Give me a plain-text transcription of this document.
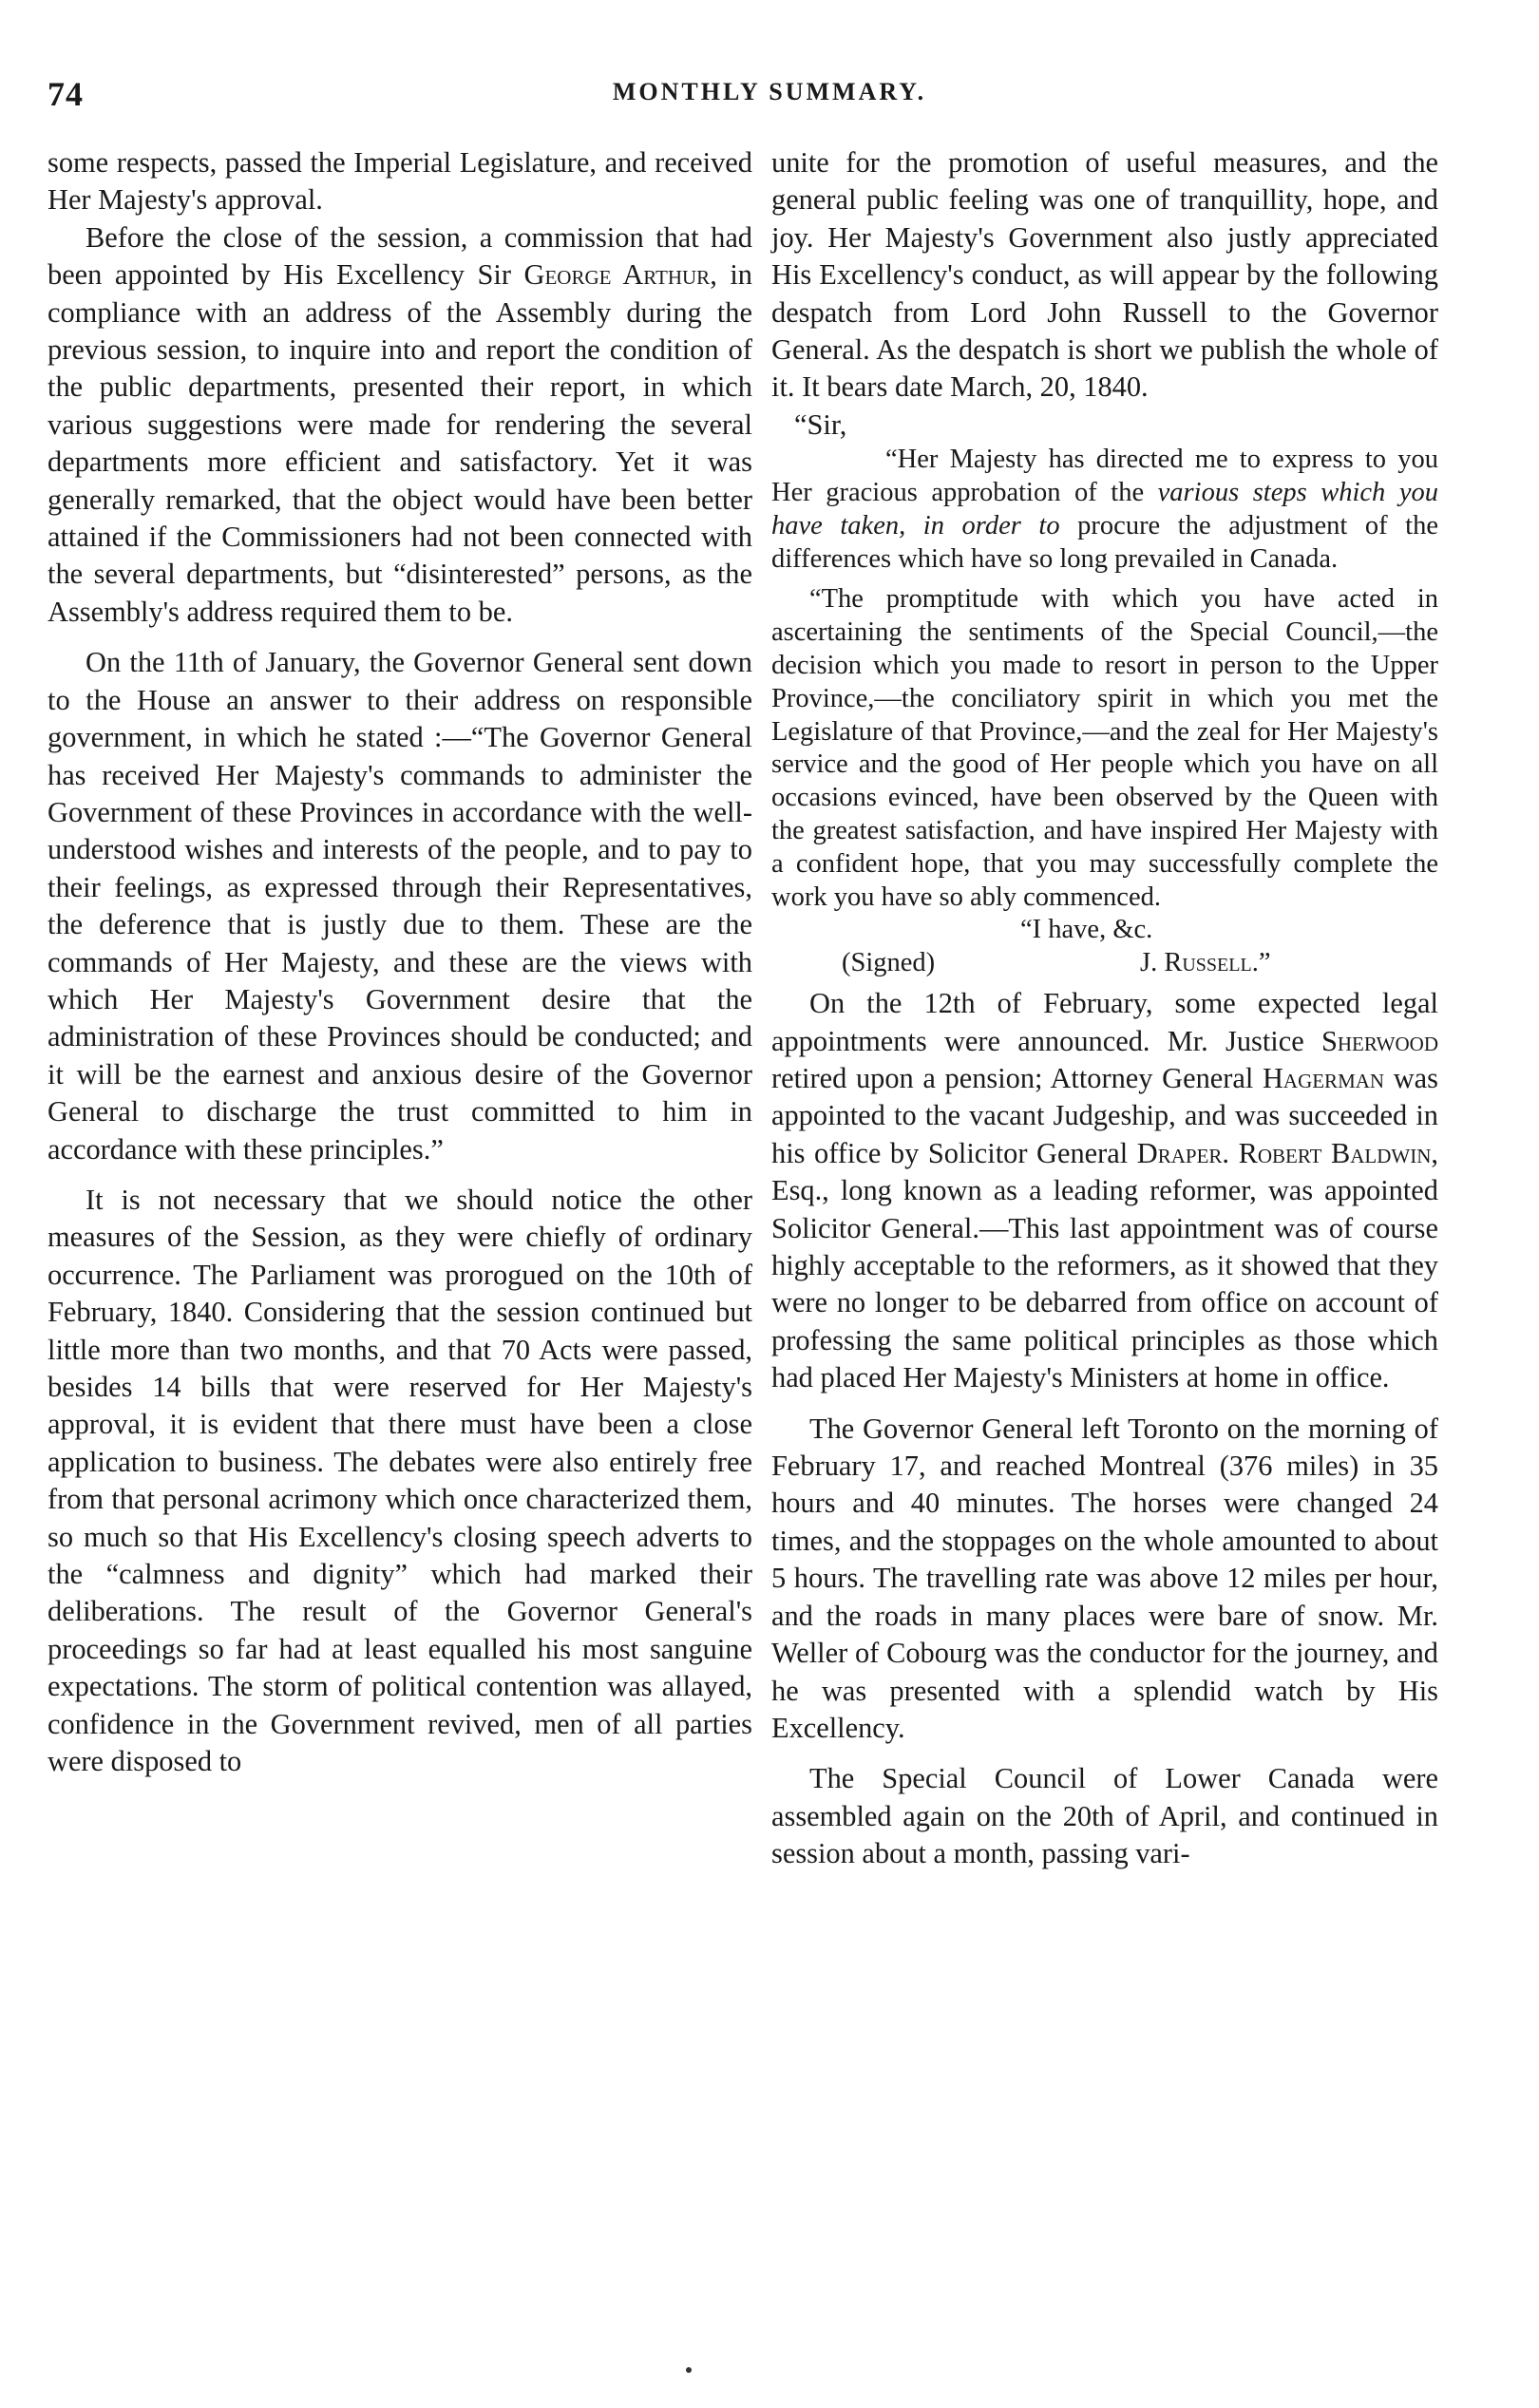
74	MONTHLY SUMMARY.

some respects, passed the Imperial Legislature, and received Her Majesty's approval.

Before the close of the session, a commission that had been appointed by His Excellency Sir George Arthur, in compliance with an address of the Assembly during the previous session, to inquire into and report the condition of the public departments, presented their report, in which various suggestions were made for rendering the several departments more efficient and satisfactory. Yet it was generally remarked, that the object would have been better attained if the Commissioners had not been connected with the several departments, but “disinterested” persons, as the Assembly's address required them to be.

On the 11th of January, the Governor General sent down to the House an answer to their address on responsible government, in which he stated :—“The Governor General has received Her Majesty's commands to administer the Government of these Provinces in accordance with the well-understood wishes and interests of the people, and to pay to their feelings, as expressed through their Representatives, the deference that is justly due to them. These are the commands of Her Majesty, and these are the views with which Her Majesty's Government desire that the administration of these Provinces should be conducted; and it will be the earnest and anxious desire of the Governor General to discharge the trust committed to him in accordance with these principles.”

It is not necessary that we should notice the other measures of the Session, as they were chiefly of ordinary occurrence. The Parliament was prorogued on the 10th of February, 1840. Considering that the session continued but little more than two months, and that 70 Acts were passed, besides 14 bills that were reserved for Her Majesty's approval, it is evident that there must have been a close application to business. The debates were also entirely free from that personal acrimony which once characterized them, so much so that His Excellency's closing speech adverts to the “calmness and dignity” which had marked their deliberations. The result of the Governor General's proceedings so far had at least equalled his most sanguine expectations. The storm of political contention was allayed, confidence in the Government revived, men of all parties were disposed to

unite for the promotion of useful measures, and the general public feeling was one of tranquillity, hope, and joy. Her Majesty's Government also justly appreciated His Excellency's conduct, as will appear by the following despatch from Lord John Russell to the Governor General. As the despatch is short we publish the whole of it. It bears date March, 20, 1840.

“Sir,

“Her Majesty has directed me to express to you Her gracious approbation of the various steps which you have taken, in order to procure the adjustment of the differences which have so long prevailed in Canada.

“The promptitude with which you have acted in ascertaining the sentiments of the Special Council,—the decision which you made to resort in person to the Upper Province,—the conciliatory spirit in which you met the Legislature of that Province,—and the zeal for Her Majesty's service and the good of Her people which you have on all occasions evinced, have been observed by the Queen with the greatest satisfaction, and have inspired Her Majesty with a confident hope, that you may successfully complete the work you have so ably commenced.

“I have, &c.
(Signed)	J. Russell.”

On the 12th of February, some expected legal appointments were announced. Mr. Justice Sherwood retired upon a pension; Attorney General Hagerman was appointed to the vacant Judgeship, and was succeeded in his office by Solicitor General Draper. Robert Baldwin, Esq., long known as a leading reformer, was appointed Solicitor General.—This last appointment was of course highly acceptable to the reformers, as it showed that they were no longer to be debarred from office on account of professing the same political principles as those which had placed Her Majesty's Ministers at home in office.

The Governor General left Toronto on the morning of February 17, and reached Montreal (376 miles) in 35 hours and 40 minutes. The horses were changed 24 times, and the stoppages on the whole amounted to about 5 hours. The travelling rate was above 12 miles per hour, and the roads in many places were bare of snow. Mr. Weller of Cobourg was the conductor for the journey, and he was presented with a splendid watch by His Excellency.

The Special Council of Lower Canada were assembled again on the 20th of April, and continued in session about a month, passing vari-
